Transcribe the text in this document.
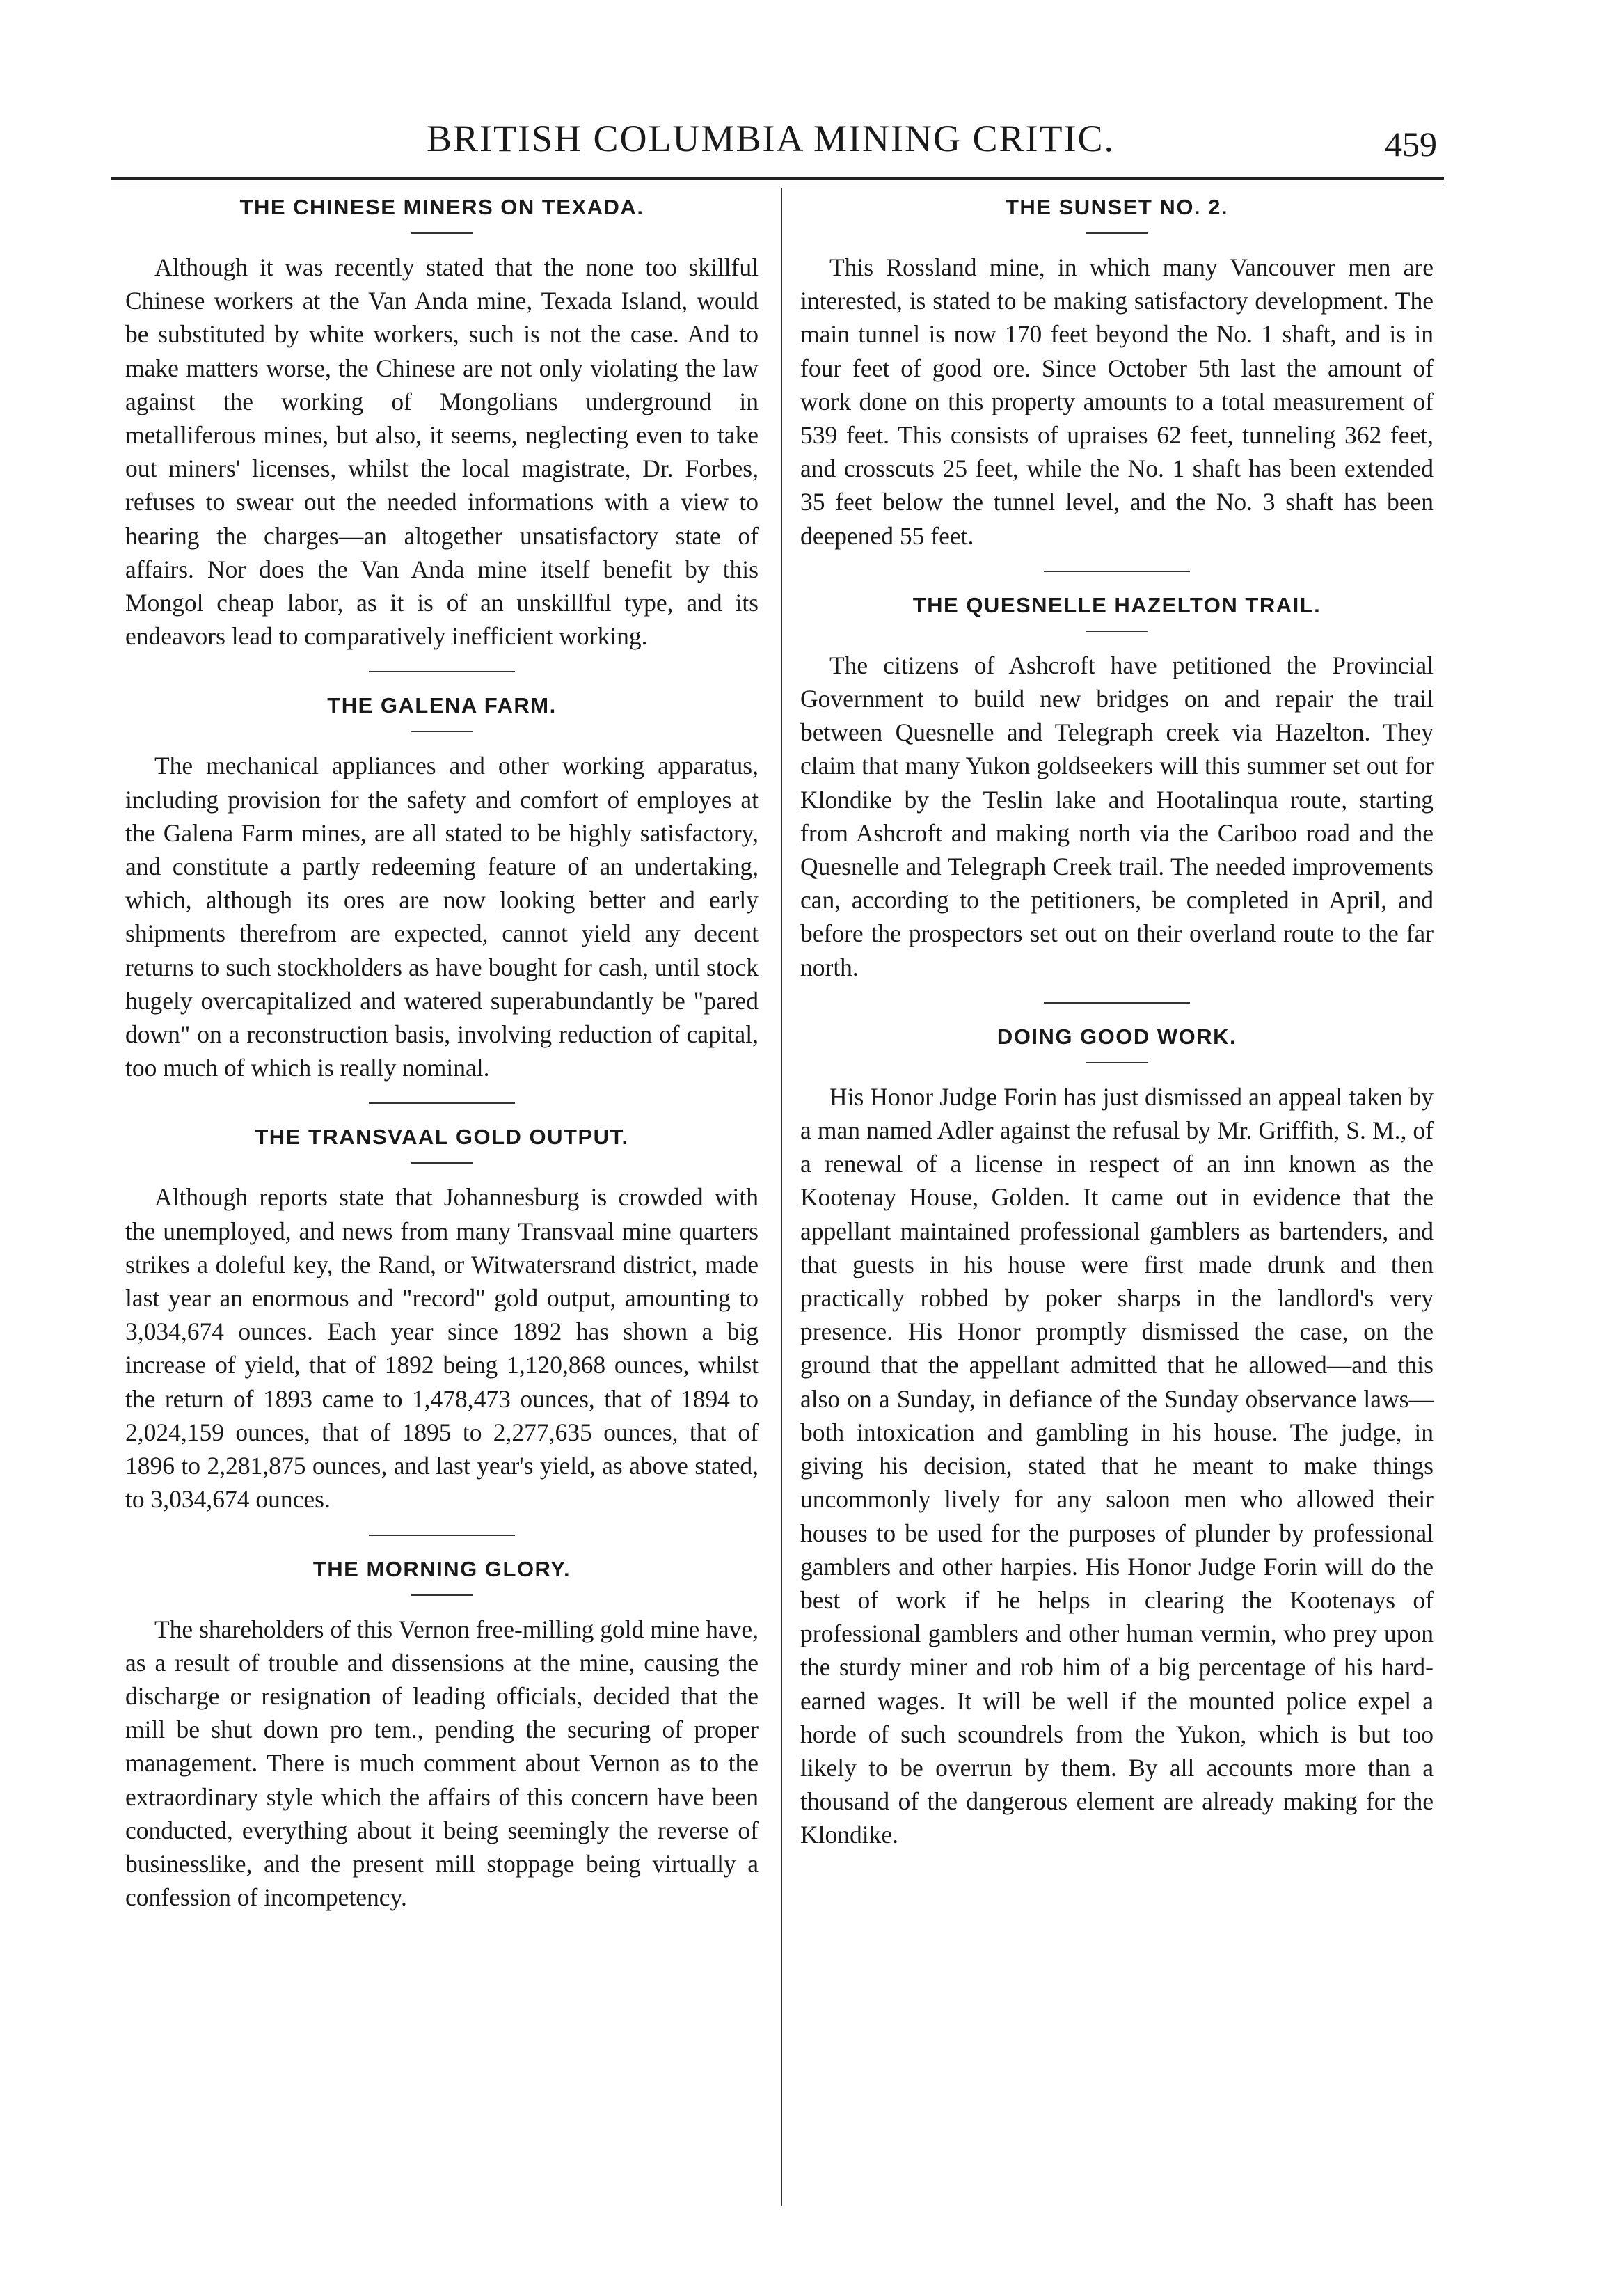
BRITISH COLUMBIA MINING CRITIC.	459
THE CHINESE MINERS ON TEXADA.

Although it was recently stated that the none too skillful Chinese workers at the Van Anda mine, Texada Island, would be substituted by white workers, such is not the case. And to make matters worse, the Chinese are not only violating the law against the working of Mongolians underground in metalliferous mines, but also, it seems, neglecting even to take out miners' licenses, whilst the local magistrate, Dr. Forbes, refuses to swear out the needed informations with a view to hearing the charges—an altogether unsatisfactory state of affairs. Nor does the Van Anda mine itself benefit by this Mongol cheap labor, as it is of an unskillful type, and its endeavors lead to comparatively inefficient working.

THE GALENA FARM.

The mechanical appliances and other working apparatus, including provision for the safety and comfort of employes at the Galena Farm mines, are all stated to be highly satisfactory, and constitute a partly redeeming feature of an undertaking, which, although its ores are now looking better and early shipments therefrom are expected, cannot yield any decent returns to such stockholders as have bought for cash, until stock hugely overcapitalized and watered superabundantly be "pared down" on a reconstruction basis, involving reduction of capital, too much of which is really nominal.

THE TRANSVAAL GOLD OUTPUT.

Although reports state that Johannesburg is crowded with the unemployed, and news from many Transvaal mine quarters strikes a doleful key, the Rand, or Witwatersrand district, made last year an enormous and "record" gold output, amounting to 3,034,674 ounces. Each year since 1892 has shown a big increase of yield, that of 1892 being 1,120,868 ounces, whilst the return of 1893 came to 1,478,473 ounces, that of 1894 to 2,024,159 ounces, that of 1895 to 2,277,635 ounces, that of 1896 to 2,281,875 ounces, and last year's yield, as above stated, to 3,034,674 ounces.

THE MORNING GLORY.

The shareholders of this Vernon free-milling gold mine have, as a result of trouble and dissensions at the mine, causing the discharge or resignation of leading officials, decided that the mill be shut down pro tem., pending the securing of proper management. There is much comment about Vernon as to the extraordinary style which the affairs of this concern have been conducted, everything about it being seemingly the reverse of businesslike, and the present mill stoppage being virtually a confession of incompetency.

THE SUNSET NO. 2.

This Rossland mine, in which many Vancouver men are interested, is stated to be making satisfactory development. The main tunnel is now 170 feet beyond the No. 1 shaft, and is in four feet of good ore. Since October 5th last the amount of work done on this property amounts to a total measurement of 539 feet. This consists of upraises 62 feet, tunneling 362 feet, and crosscuts 25 feet, while the No. 1 shaft has been extended 35 feet below the tunnel level, and the No. 3 shaft has been deepened 55 feet.

THE QUESNELLE HAZELTON TRAIL.

The citizens of Ashcroft have petitioned the Provincial Government to build new bridges on and repair the trail between Quesnelle and Telegraph creek via Hazelton. They claim that many Yukon goldseekers will this summer set out for Klondike by the Teslin lake and Hootalinqua route, starting from Ashcroft and making north via the Cariboo road and the Quesnelle and Telegraph Creek trail. The needed improvements can, according to the petitioners, be completed in April, and before the prospectors set out on their overland route to the far north.

DOING GOOD WORK.

His Honor Judge Forin has just dismissed an appeal taken by a man named Adler against the refusal by Mr. Griffith, S. M., of a renewal of a license in respect of an inn known as the Kootenay House, Golden. It came out in evidence that the appellant maintained professional gamblers as bartenders, and that guests in his house were first made drunk and then practically robbed by poker sharps in the landlord's very presence. His Honor promptly dismissed the case, on the ground that the appellant admitted that he allowed—and this also on a Sunday, in defiance of the Sunday observance laws—both intoxication and gambling in his house. The judge, in giving his decision, stated that he meant to make things uncommonly lively for any saloon men who allowed their houses to be used for the purposes of plunder by professional gamblers and other harpies. His Honor Judge Forin will do the best of work if he helps in clearing the Kootenays of professional gamblers and other human vermin, who prey upon the sturdy miner and rob him of a big percentage of his hard-earned wages. It will be well if the mounted police expel a horde of such scoundrels from the Yukon, which is but too likely to be overrun by them. By all accounts more than a thousand of the dangerous element are already making for the Klondike.
